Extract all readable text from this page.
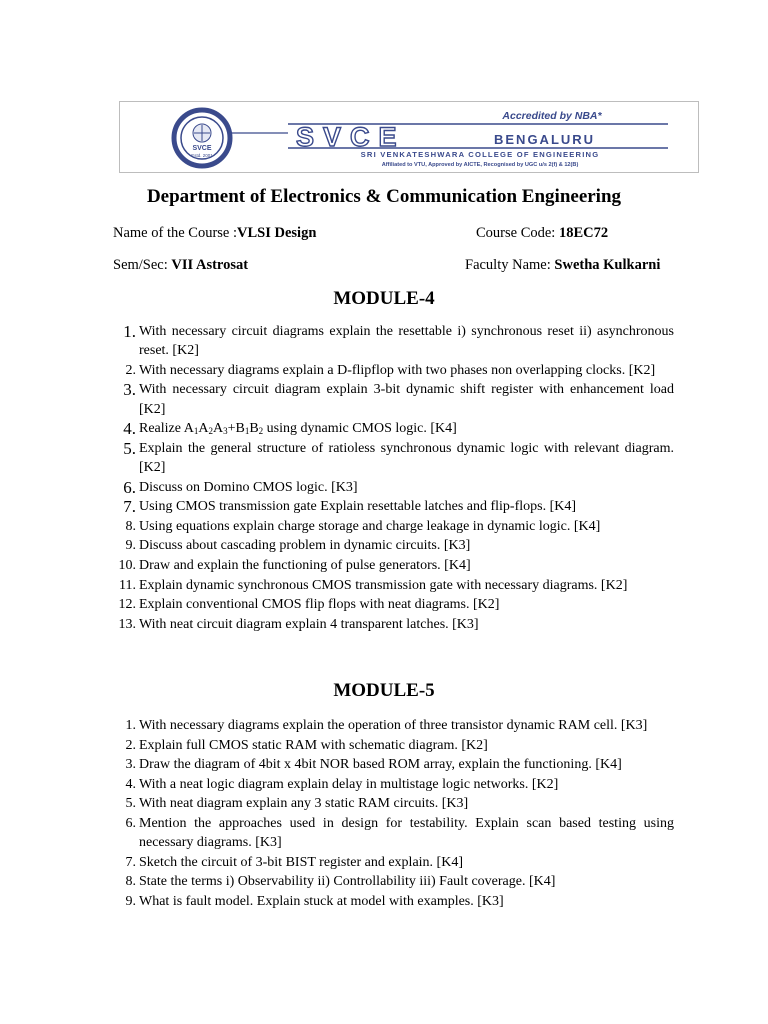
SVCE
Estd. 2001
Accredited by NBA*
SVCE	BENGALURU
SRI VENKATESHWARA COLLEGE OF ENGINEERING
Affiliated to VTU, Approved by AICTE, Recognised by UGC u/s 2(f) & 12(B)
Department of Electronics & Communication Engineering
Name of the Course :VLSI Design	Course Code: 18EC72
Sem/Sec: VII Astrosat	Faculty Name: Swetha Kulkarni
MODULE-4
1. With necessary circuit diagrams explain the resettable i) synchronous reset ii) asynchronous reset. [K2]
2. With necessary diagrams explain a D-flipflop with two phases non overlapping clocks. [K2]
3. With necessary circuit diagram explain 3-bit dynamic shift register with enhancement load [K2]
4. Realize $A_1A_2A_3+B_1B_2$ using dynamic CMOS logic. [K4]
5. Explain the general structure of ratioless synchronous dynamic logic with relevant diagram. [K2]
6. Discuss on Domino CMOS logic. [K3]
7. Using CMOS transmission gate Explain resettable latches and flip-flops. [K4]
8. Using equations explain charge storage and charge leakage in dynamic logic. [K4]
9. Discuss about cascading problem in dynamic circuits. [K3]
10. Draw and explain the functioning of pulse generators. [K4]
11. Explain dynamic synchronous CMOS transmission gate with necessary diagrams. [K2]
12. Explain conventional CMOS flip flops with neat diagrams. [K2]
13. With neat circuit diagram explain 4 transparent latches. [K3]
MODULE-5
1. With necessary diagrams explain the operation of three transistor dynamic RAM cell. [K3]
2. Explain full CMOS static RAM with schematic diagram. [K2]
3. Draw the diagram of 4bit x 4bit NOR based ROM array, explain the functioning. [K4]
4. With a neat logic diagram explain delay in multistage logic networks. [K2]
5. With neat diagram explain any 3 static RAM circuits. [K3]
6. Mention the approaches used in design for testability. Explain scan based testing using necessary diagrams. [K3]
7. Sketch the circuit of 3-bit BIST register and explain. [K4]
8. State the terms i) Observability ii) Controllability iii) Fault coverage. [K4]
9. What is fault model. Explain stuck at model with examples. [K3]
